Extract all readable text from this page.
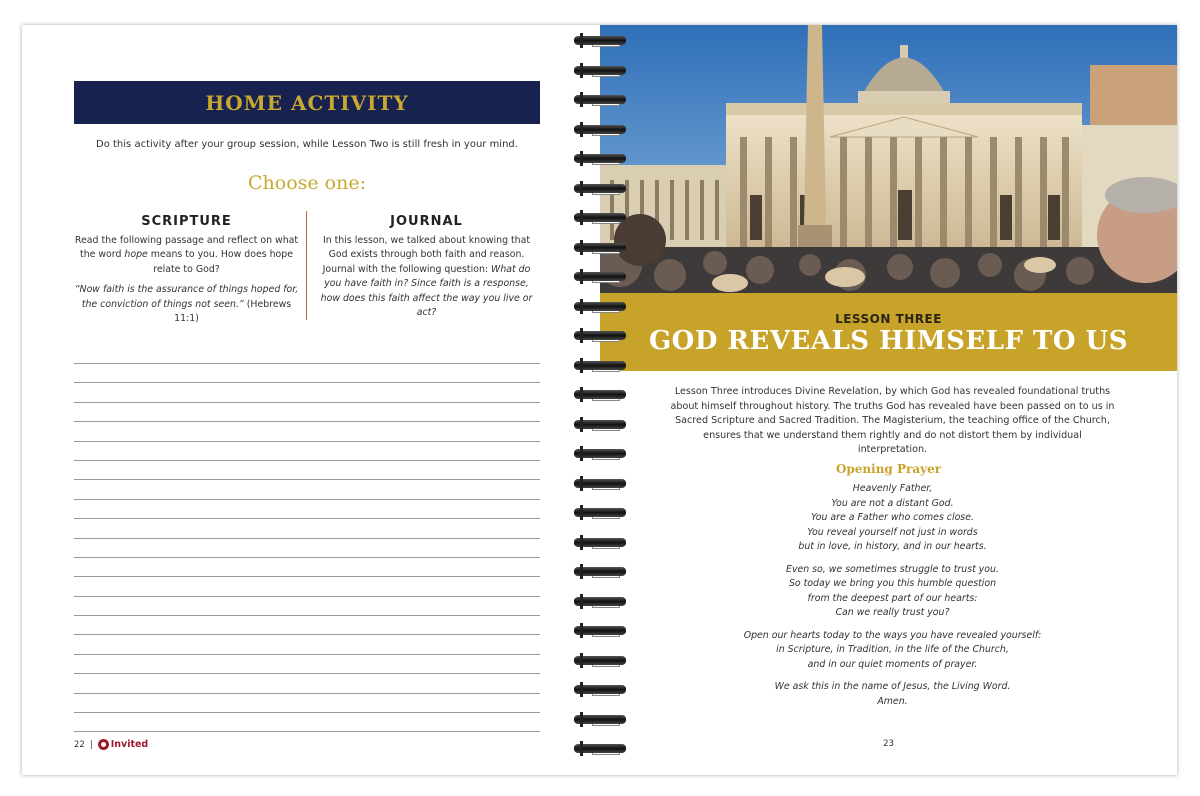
HOME ACTIVITY
Do this activity after your group session, while Lesson Two is still fresh in your mind.
Choose one:
SCRIPTURE

Read the following passage and reflect on what the word hope means to you. How does hope relate to God?

“Now faith is the assurance of things hoped for, the conviction of things not seen.” (Hebrews 11:1)

JOURNAL

In this lesson, we talked about knowing that God exists through both faith and reason. Journal with the following question: What do you have faith in? Since faith is a response, how does this faith affect the way you live or act?

22 | Invited
LESSON THREE
GOD REVEALS HIMSELF TO US
Lesson Three introduces Divine Revelation, by which God has revealed foundational truths about himself throughout history. The truths God has revealed have been passed on to us in Sacred Scripture and Sacred Tradition. The Magisterium, the teaching office of the Church, ensures that we understand them rightly and do not distort them by individual interpretation.
Opening Prayer
Heavenly Father,
You are not a distant God.
You are a Father who comes close.
You reveal yourself not just in words
but in love, in history, and in our hearts.
Even so, we sometimes struggle to trust you.
So today we bring you this humble question
from the deepest part of our hearts:
Can we really trust you?
Open our hearts today to the ways you have revealed yourself:
in Scripture, in Tradition, in the life of the Church,
and in our quiet moments of prayer.
We ask this in the name of Jesus, the Living Word.
Amen.
23
